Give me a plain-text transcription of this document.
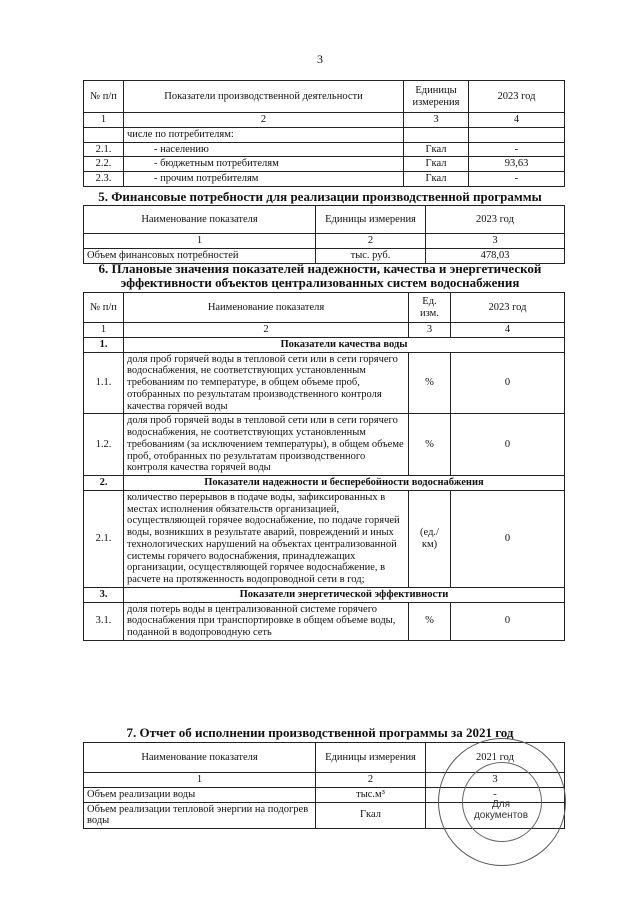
3
№ п/п	Показатели производственной деятельности	Единицы измерения	2023 год
1	2	3	4
	числе по потребителям:		
2.1.	- населению	Гкал	-
2.2.	- бюджетным потребителям	Гкал	93,63
2.3.	- прочим потребителям	Гкал	-
5. Финансовые потребности для реализации производственной программы
Наименование показателя	Единицы измерения	2023 год
1	2	3
Объем финансовых потребностей	тыс. руб.	478,03
6. Плановые значения показателей надежности, качества и энергетической эффективности объектов централизованных систем водоснабжения
№ п/п	Наименование показателя	Ед. изм.	2023 год
1	2	3	4
1.	Показатели качества воды		
1.1.	доля проб горячей воды в тепловой сети или в сети горячего водоснабжения, не соответствующих установленным требованиям по температуре, в общем объеме проб, отобранных по результатам производственного контроля качества горячей воды	%	0
1.2.	доля проб горячей воды в тепловой сети или в сети горячего водоснабжения, не соответствующих установленным требованиям (за исключением температуры), в общем объеме проб, отобранных по результатам производственного контроля качества горячей воды	%	0
2.	Показатели надежности и бесперебойности водоснабжения		
2.1.	количество перерывов в подаче воды, зафиксированных в местах исполнения обязательств организацией, осуществляющей горячее водоснабжение, по подаче горячей воды, возникших в результате аварий, повреждений и иных технологических нарушений на объектах централизованной системы горячего водоснабжения, принадлежащих организации, осуществляющей горячее водоснабжение, в расчете на протяженность водопроводной сети в год;	(ед./ км)	0
3.	Показатели энергетической эффективности		
3.1.	доля потерь воды в централизованной системе горячего водоснабжения при транспортировке в общем объеме воды, поданной в водопроводную сеть	%	0
7. Отчет об исполнении производственной программы за 2021 год
Наименование показателя	Единицы измерения	2021 год
1	2	3
Объем реализации воды	тыс.м³	-
Объем реализации тепловой энергии на подогрев воды	Гкал	
Для документов
